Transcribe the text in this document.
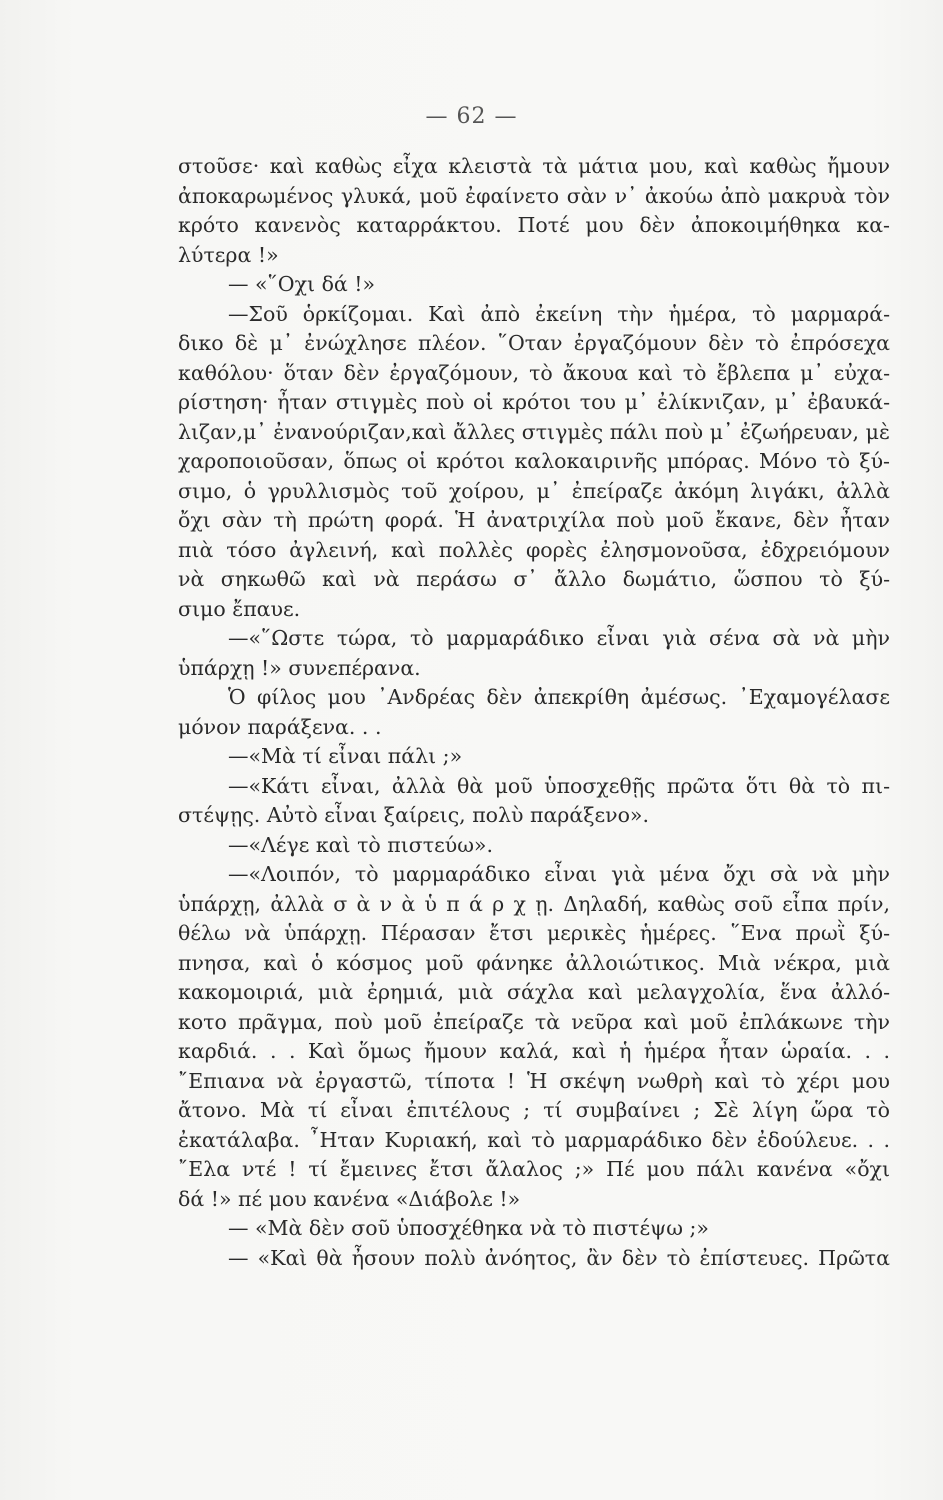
— 62 —
στοῦσε· καὶ καθὼς εἶχα κλειστὰ τὰ μάτια μου, καὶ καθὼς ἤμουν
ἀποκαρωμένος γλυκά, μοῦ ἐφαίνετο σὰν ν᾽ ἀκούω ἀπὸ μακρυὰ τὸν
κρότο κανενὸς καταρράκτου. Ποτέ μου δὲν ἀποκοιμήθηκα κα-
λύτερα !»
— «῞Οχι δά !»
—Σοῦ ὁρκίζομαι. Καὶ ἀπὸ ἐκείνη τὴν ἡμέρα, τὸ μαρμαρά-
δικο δὲ μ᾽ ἐνώχλησε πλέον. ῞Οταν ἐργαζόμουν δὲν τὸ ἐπρόσεχα
καθόλου· ὅταν δὲν ἐργαζόμουν, τὸ ἄκουα καὶ τὸ ἔβλεπα μ᾽ εὐχα-
ρίστηση· ἦταν στιγμὲς ποὺ οἱ κρότοι του μ᾽ ἐλίκνιζαν, μ᾽ ἐβαυκά-
λιζαν,μ᾽ ἐνανούριζαν,καὶ ἄλλες στιγμὲς πάλι ποὺ μ᾽ ἐζωήρευαν, μὲ
χαροποιοῦσαν, ὅπως οἱ κρότοι καλοκαιρινῆς μπόρας. Μόνο τὸ ξύ-
σιμο, ὁ γρυλλισμὸς τοῦ χοίρου, μ᾽ ἐπείραζε ἀκόμη λιγάκι, ἀλλὰ
ὄχι σὰν τὴ πρώτη φορά. Ἡ ἀνατριχίλα ποὺ μοῦ ἔκανε, δὲν ἦταν
πιὰ τόσο ἀγλεινή, καὶ πολλὲς φορὲς ἐλησμονοῦσα, ἐδχρειόμουν
νὰ σηκωθῶ καὶ νὰ περάσω σ᾽ ἄλλο δωμάτιο, ὥσπου τὸ ξύ-
σιμο ἔπαυε.
—«῞Ωστε τώρα, τὸ μαρμαράδικο εἶναι γιὰ σένα σὰ νὰ μὴν
ὑπάρχῃ !» συνεπέρανα.
Ὁ φίλος μου ᾽Ανδρέας δὲν ἀπεκρίθη ἀμέσως. ᾽Εχαμογέλασε
μόνον παράξενα. . .
—«Μὰ τί εἶναι πάλι ;»
—«Κάτι εἶναι, ἀλλὰ θὰ μοῦ ὑποσχεθῇς πρῶτα ὅτι θὰ τὸ πι-
στέψῃς. Αὐτὸ εἶναι ξαίρεις, πολὺ παράξενο».
—«Λέγε καὶ τὸ πιστεύω».
—«Λοιπόν, τὸ μαρμαράδικο εἶναι γιὰ μένα ὄχι σὰ νὰ μὴν
ὑπάρχῃ, ἀλλὰ σ ὰ ν ὰ ὑ π ά ρ χ ῃ. Δηλαδή, καθὼς σοῦ εἶπα πρίν,
θέλω νὰ ὑπάρχῃ. Πέρασαν ἔτσι μερικὲς ἡμέρες. ῞Ενα πρωῒ ξύ-
πνησα, καὶ ὁ κόσμος μοῦ φάνηκε ἀλλοιώτικος. Μιὰ νέκρα, μιὰ
κακομοιριά, μιὰ ἐρημιά, μιὰ σάχλα καὶ μελαγχολία, ἕνα ἀλλό-
κοτο πρᾶγμα, ποὺ μοῦ ἐπείραζε τὰ νεῦρα καὶ μοῦ ἐπλάκωνε τὴν
καρδιά. . . Καὶ ὅμως ἤμουν καλά, καὶ ἡ ἡμέρα ἦταν ὡραία. . .
῎Επιανα νὰ ἐργαστῶ, τίποτα ! Ἡ σκέψη νωθρὴ καὶ τὸ χέρι μου
ἄτονο. Μὰ τί εἶναι ἐπιτέλους ; τί συμβαίνει ; Σὲ λίγη ὥρα τὸ
ἐκατάλαβα. ῏Ηταν Κυριακή, καὶ τὸ μαρμαράδικο δὲν ἐδούλευε. . .
῎Ελα ντέ ! τί ἔμεινες ἔτσι ἄλαλος ;» Πέ μου πάλι κανένα «ὄχι
δά !» πέ μου κανένα «Διάβολε !»
— «Μὰ δὲν σοῦ ὑποσχέθηκα νὰ τὸ πιστέψω ;»
— «Καὶ θὰ ἦσουν πολὺ ἀνόητος, ἂν δὲν τὸ ἐπίστευες. Πρῶτα
